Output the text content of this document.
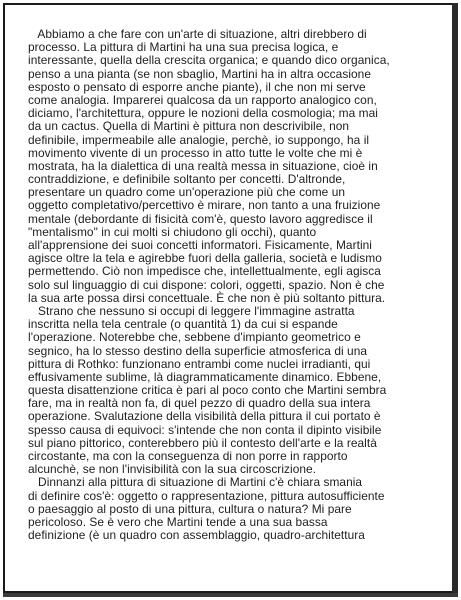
Abbiamo a che fare con un'arte di situazione, altri direbbero di
processo. La pittura di Martini ha una sua precisa logica, e
interessante, quella della crescita organica; e quando dico organica,
penso a una pianta (se non sbaglio, Martini ha in altra occasione
esposto o pensato di esporre anche piante), il che non mi serve
come analogia. Imparerei qualcosa da un rapporto analogico con,
diciamo, l'architettura, oppure le nozioni della cosmologia; ma mai
da un cactus. Quella di Martini è pittura non descrivibile, non
definibile, impermeabile alle analogie, perchè, io suppongo, ha il
movimento vivente di un processo in atto tutte le volte che mi è
mostrata, ha la dialettica di una realtà messa in situazione, cioè in
contraddizione, e definibile soltanto per concetti. D'altronde,
presentare un quadro come un'operazione più che come un
oggetto completativo/percettivo è mirare, non tanto a una fruizione
mentale (debordante di fisicità com'è, questo lavoro aggredisce il
"mentalismo" in cui molti si chiudono gli occhi), quanto
all'apprensione dei suoi concetti informatori. Fisicamente, Martini
agisce oltre la tela e agirebbe fuori della galleria, società e ludismo
permettendo. Ciò non impedisce che, intellettualmente, egli agisca
solo sul linguaggio di cui dispone: colori, oggetti, spazio. Non è che
la sua arte possa dirsi concettuale. È che non è più soltanto pittura.
Strano che nessuno si occupi di leggere l'immagine astratta
inscritta nella tela centrale (o quantità 1) da cui si espande
l'operazione. Noterebbe che, sebbene d'impianto geometrico e
segnico, ha lo stesso destino della superficie atmosferica di una
pittura di Rothko: funzionano entrambi come nuclei irradianti, qui
effusivamente sublime, là diagrammaticamente dinamico. Ebbene,
questa disattenzione critica è pari al poco conto che Martini sembra
fare, ma in realtà non fa, di quel pezzo di quadro della sua intera
operazione. Svalutazione della visibilità della pittura il cui portato è
spesso causa di equivoci: s'intende che non conta il dipinto visibile
sul piano pittorico, conterebbero più il contesto dell'arte e la realtà
circostante, ma con la conseguenza di non porre in rapporto
alcunchè, se non l'invisibilità con la sua circoscrizione.
Dinnanzi alla pittura di situazione di Martini c'è chiara smania
di definire cos'è: oggetto o rappresentazione, pittura autosufficiente
o paesaggio al posto di una pittura, cultura o natura? Mi pare
pericoloso. Se è vero che Martini tende a una sua bassa
definizione (è un quadro con assemblaggio, quadro-architettura
